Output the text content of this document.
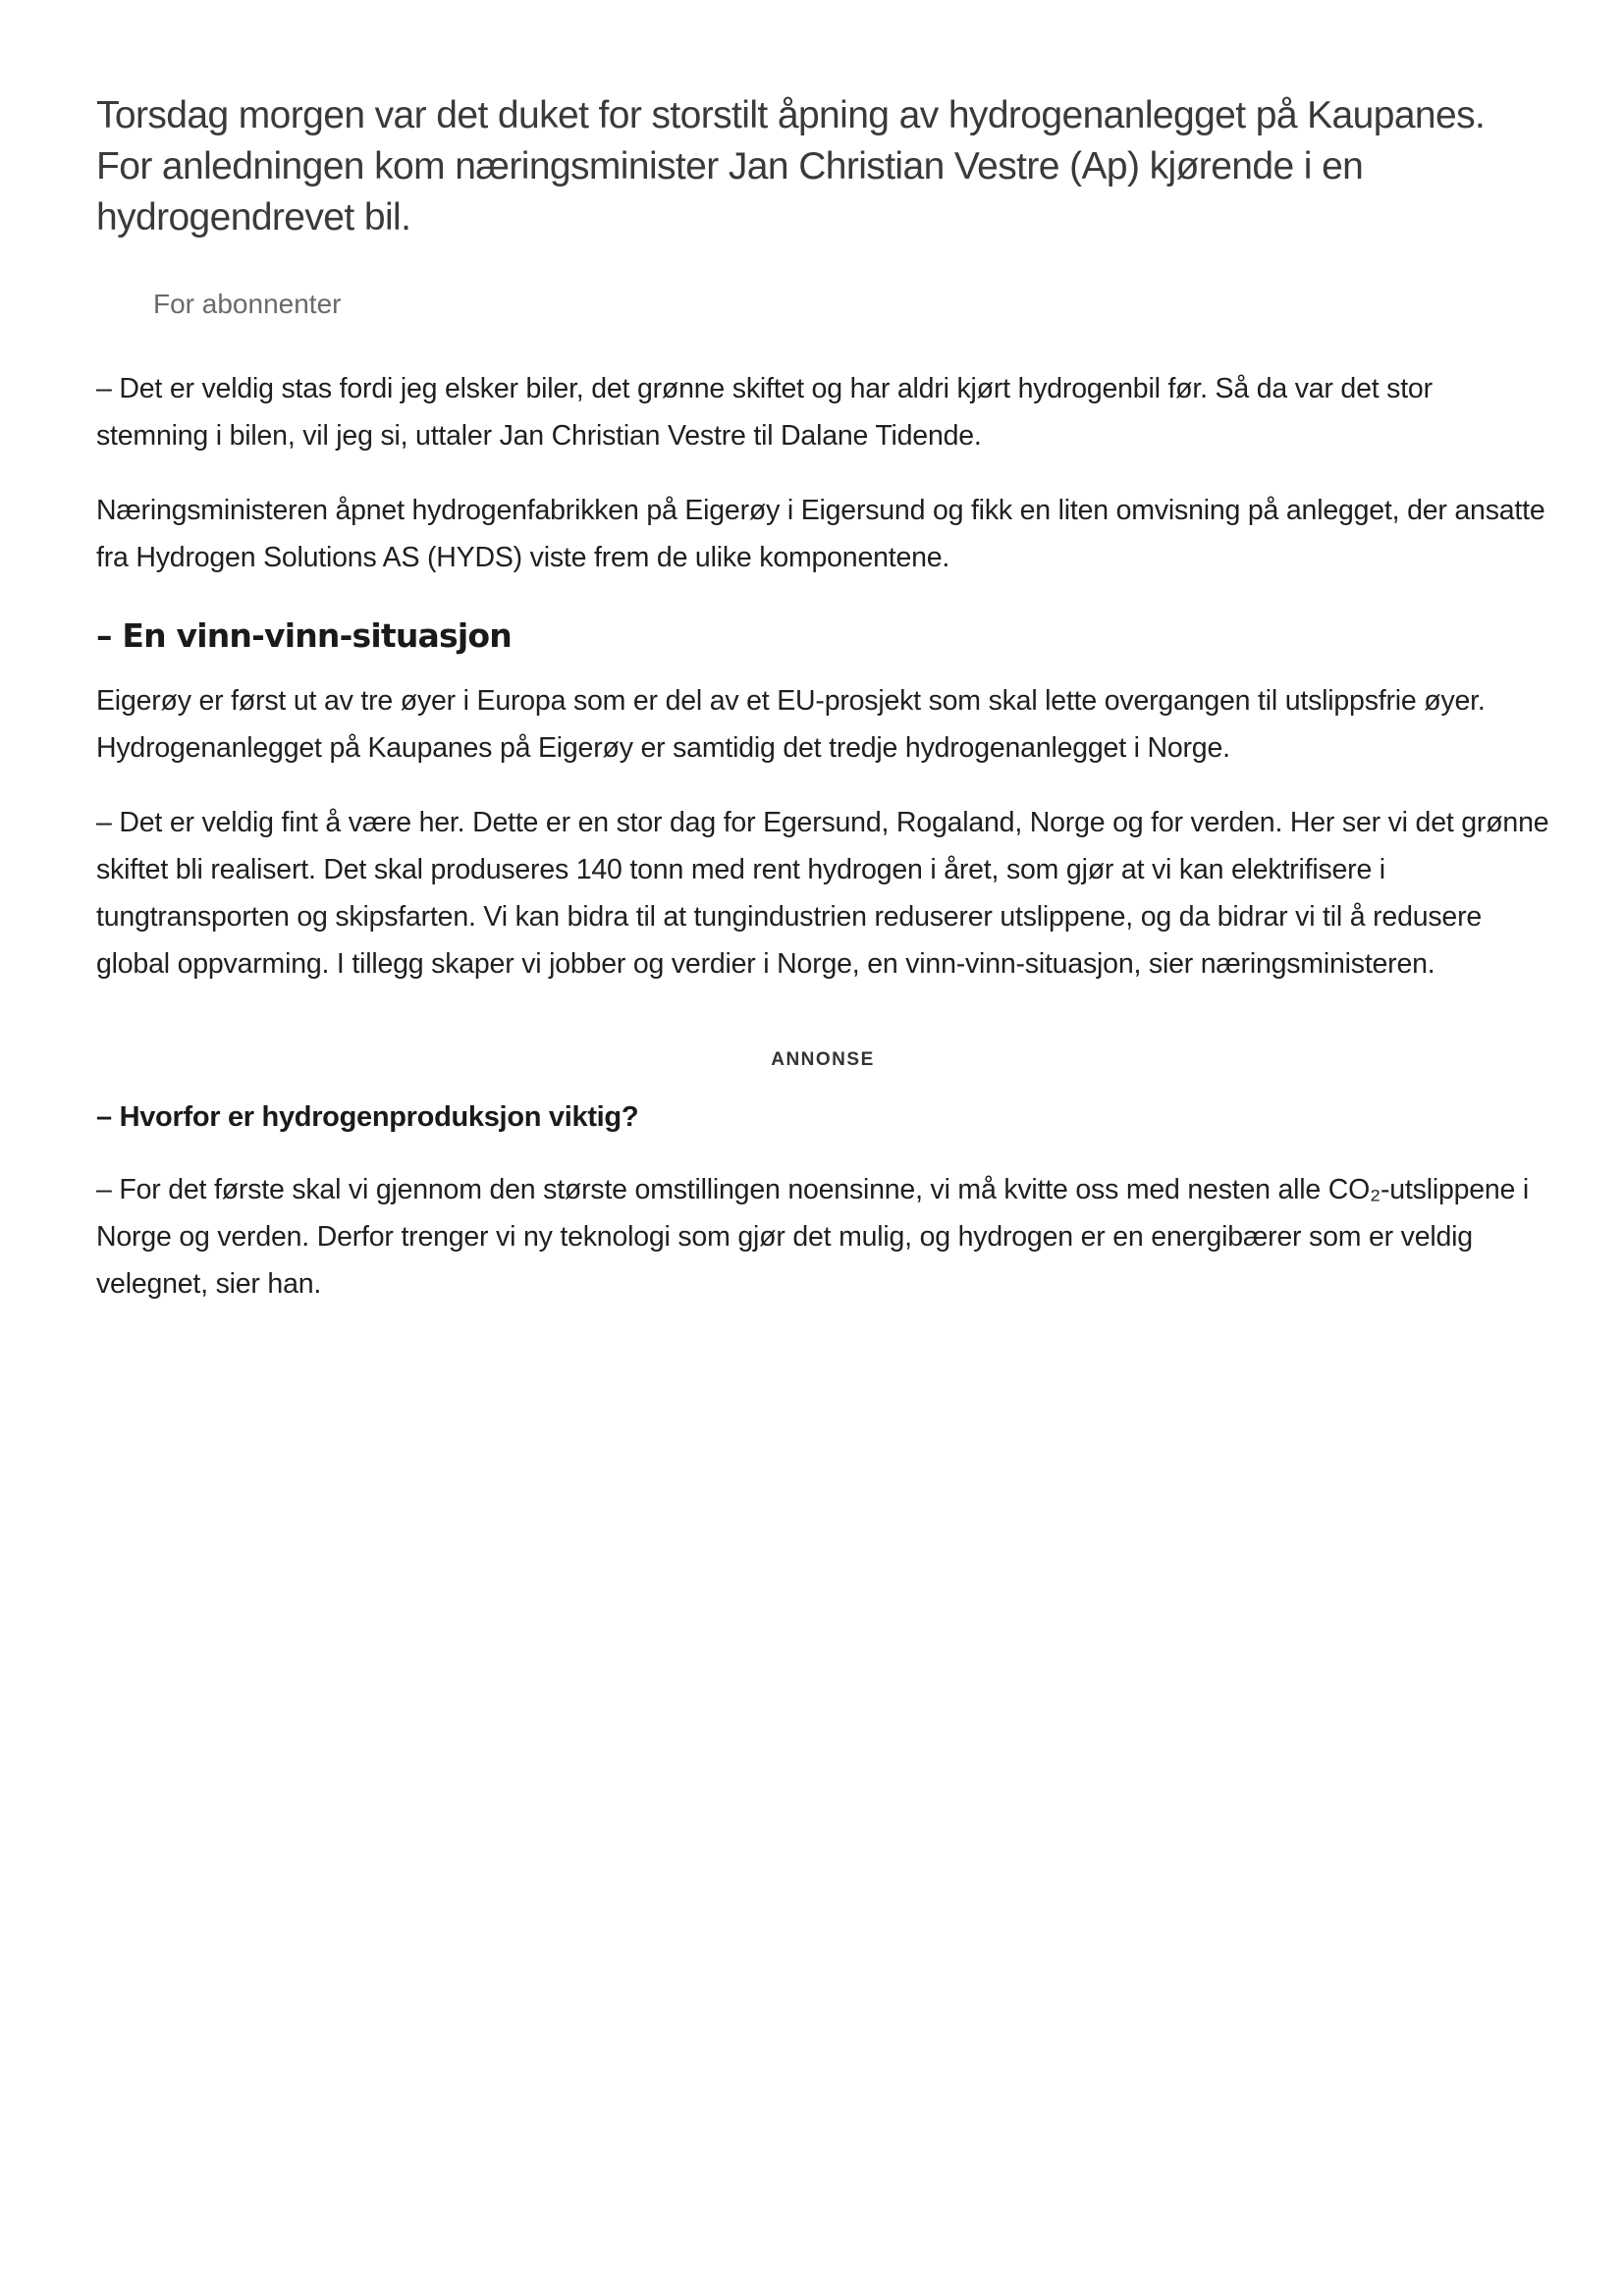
Torsdag morgen var det duket for storstilt åpning av hydrogenanlegget på Kaupanes. For anledningen kom næringsminister Jan Christian Vestre (Ap) kjørende i en hydrogendrevet bil.

For abonnenter

– Det er veldig stas fordi jeg elsker biler, det grønne skiftet og har aldri kjørt hydrogenbil før. Så da var det stor stemning i bilen, vil jeg si, uttaler Jan Christian Vestre til Dalane Tidende.

Næringsministeren åpnet hydrogenfabrikken på Eigerøy i Eigersund og fikk en liten omvisning på anlegget, der ansatte fra Hydrogen Solutions AS (HYDS) viste frem de ulike komponentene.

– En vinn-vinn-situasjon

Eigerøy er først ut av tre øyer i Europa som er del av et EU-prosjekt som skal lette overgangen til utslippsfrie øyer. Hydrogenanlegget på Kaupanes på Eigerøy er samtidig det tredje hydrogenanlegget i Norge.

– Det er veldig fint å være her. Dette er en stor dag for Egersund, Rogaland, Norge og for verden. Her ser vi det grønne skiftet bli realisert. Det skal produseres 140 tonn med rent hydrogen i året, som gjør at vi kan elektrifisere i tungtransporten og skipsfarten. Vi kan bidra til at tungindustrien reduserer utslippene, og da bidrar vi til å redusere global oppvarming. I tillegg skaper vi jobber og verdier i Norge, en vinn-vinn-situasjon, sier næringsministeren.

ANNONSE
– Hvorfor er hydrogenproduksjon viktig?

– For det første skal vi gjennom den største omstillingen noensinne, vi må kvitte oss med nesten alle CO₂-utslippene i Norge og verden. Derfor trenger vi ny teknologi som gjør det mulig, og hydrogen er en energibærer som er veldig velegnet, sier han.
